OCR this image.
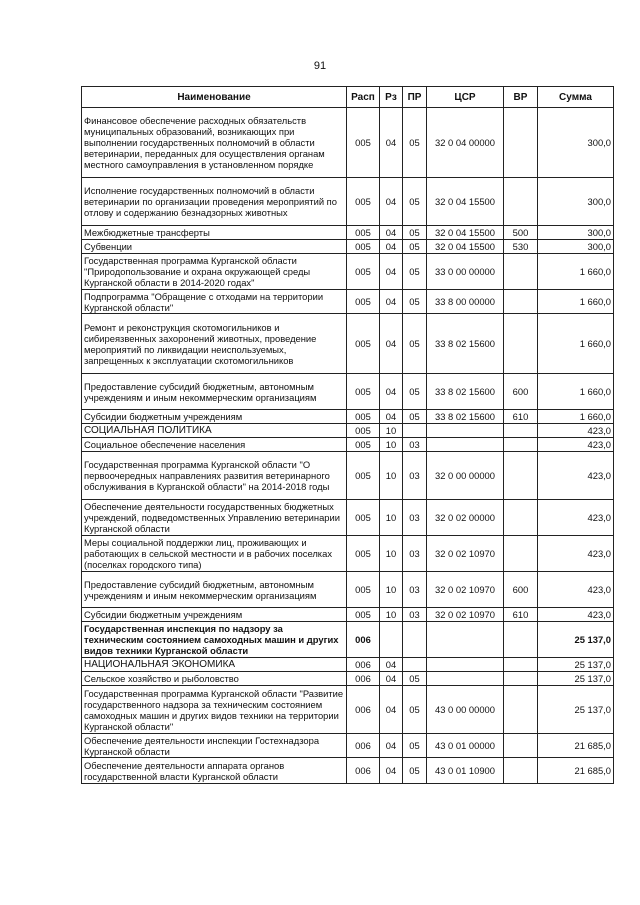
91
Наименование	Расп	Рз	ПР	ЦСР	ВР	Сумма
Финансовое обеспечение расходных обязательств муниципальных образований, возникающих при выполнении государственных полномочий в области ветеринарии, переданных для осуществления органам местного самоуправления в установленном порядке	005	04	05	32 0 04 00000		300,0
Исполнение государственных полномочий в области ветеринарии по организации проведения мероприятий по отлову и содержанию безнадзорных животных	005	04	05	32 0 04 15500		300,0
Межбюджетные трансферты	005	04	05	32 0 04 15500	500	300,0
Субвенции	005	04	05	32 0 04 15500	530	300,0
Государственная программа Курганской области "Природопользование и охрана окружающей среды Курганской области в 2014-2020 годах"	005	04	05	33 0 00 00000		1 660,0
Подпрограмма "Обращение с отходами на территории Курганской области"	005	04	05	33 8 00 00000		1 660,0
Ремонт и реконструкция скотомогильников и сибиреязвенных захоронений животных, проведение мероприятий по ликвидации неиспользуемых, запрещенных к эксплуатации скотомогильников	005	04	05	33 8 02 15600		1 660,0
Предоставление субсидий бюджетным, автономным учреждениям и иным некоммерческим организациям	005	04	05	33 8 02 15600	600	1 660,0
Субсидии бюджетным учреждениям	005	04	05	33 8 02 15600	610	1 660,0
СОЦИАЛЬНАЯ ПОЛИТИКА	005	10				423,0
Социальное обеспечение населения	005	10	03			423,0
Государственная программа Курганской области "О первоочередных направлениях развития ветеринарного обслуживания в Курганской области" на 2014-2018 годы	005	10	03	32 0 00 00000		423,0
Обеспечение деятельности государственных бюджетных учреждений, подведомственных Управлению ветеринарии Курганской области	005	10	03	32 0 02 00000		423,0
Меры социальной поддержки лиц, проживающих и работающих в сельской местности и в рабочих поселках (поселках городского типа)	005	10	03	32 0 02 10970		423,0
Предоставление субсидий бюджетным, автономным учреждениям и иным некоммерческим организациям	005	10	03	32 0 02 10970	600	423,0
Субсидии бюджетным учреждениям	005	10	03	32 0 02 10970	610	423,0
Государственная инспекция по надзору за техническим состоянием самоходных машин и других видов техники Курганской области	006					25 137,0
НАЦИОНАЛЬНАЯ ЭКОНОМИКА	006	04				25 137,0
Сельское хозяйство и рыболовство	006	04	05			25 137,0
Государственная программа Курганской области "Развитие государственного надзора за техническим состоянием самоходных машин и других видов техники на территории Курганской области"	006	04	05	43 0 00 00000		25 137,0
Обеспечение деятельности инспекции Гостехнадзора Курганской области	006	04	05	43 0 01 00000		21 685,0
Обеспечение деятельности аппарата органов государственной власти Курганской области	006	04	05	43 0 01 10900		21 685,0
